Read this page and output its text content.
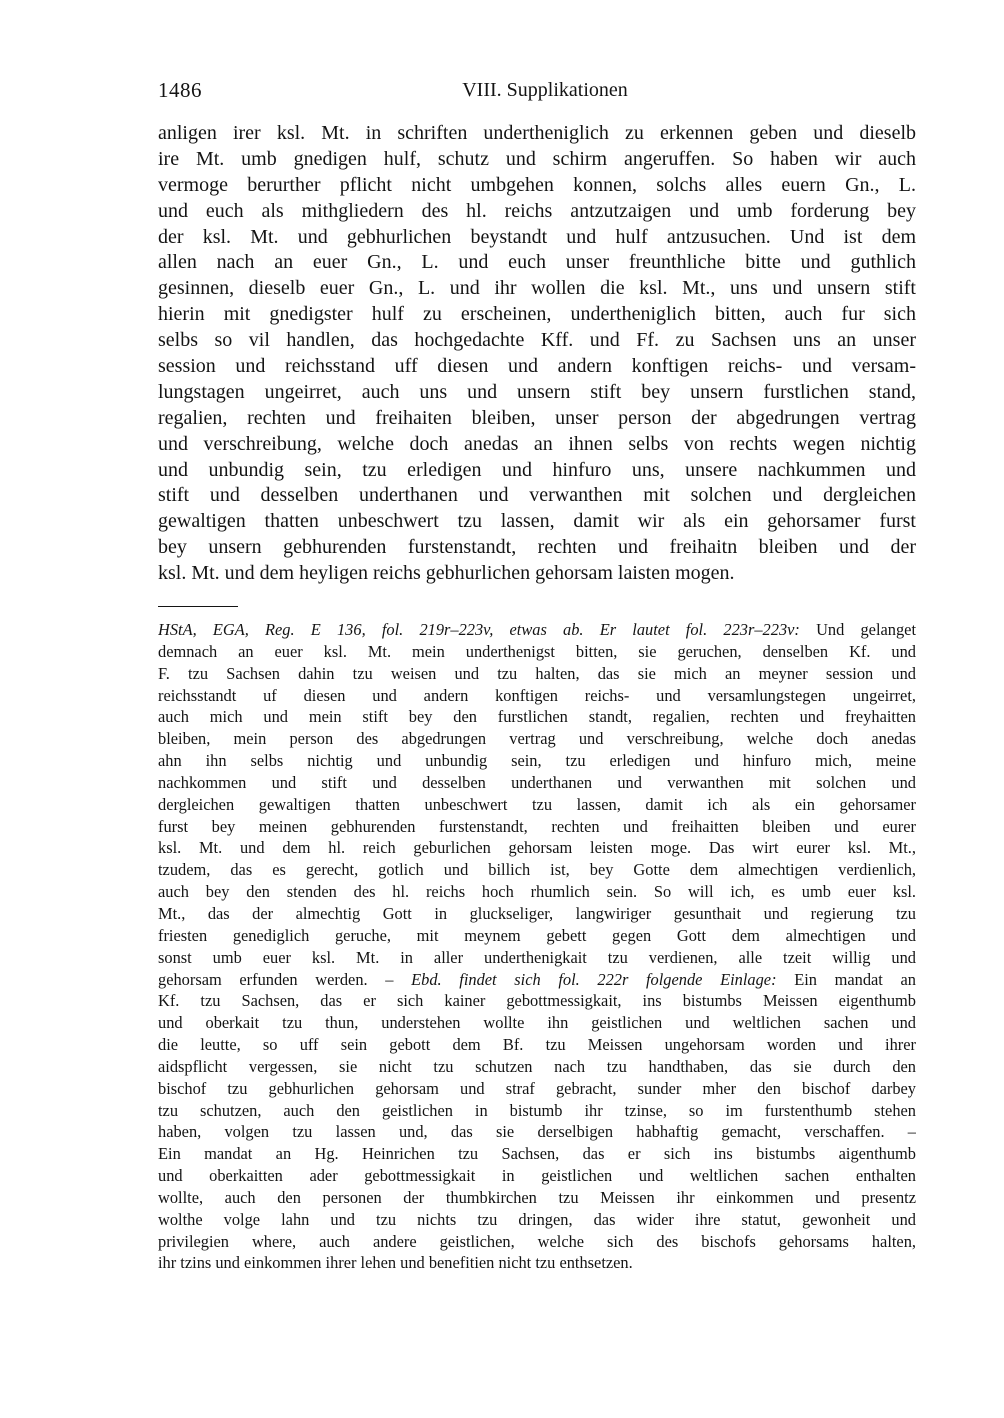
1486	VIII. Supplikationen
anligen irer ksl. Mt. in schriften undertheniglich zu erkennen geben und dieselb
ire Mt. umb gnedigen hulf, schutz und schirm angeruffen. So haben wir auch
vermoge berurther pflicht nicht umbgehen konnen, solchs alles euern Gn., L.
und euch als mithgliedern des hl. reichs antzutzaigen und umb forderung bey
der ksl. Mt. und gebhurlichen beystandt und hulf antzusuchen. Und ist dem
allen nach an euer Gn., L. und euch unser freunthliche bitte und guthlich
gesinnen, dieselb euer Gn., L. und ihr wollen die ksl. Mt., uns und unsern stift
hierin mit gnedigster hulf zu erscheinen, undertheniglich bitten, auch fur sich
selbs so vil handlen, das hochgedachte Kff. und Ff. zu Sachsen uns an unser
session und reichsstand uff diesen und andern konftigen reichs- und versam-
lungstagen ungeirret, auch uns und unsern stift bey unsern furstlichen stand,
regalien, rechten und freihaiten bleiben, unser person der abgedrungen vertrag
und verschreibung, welche doch anedas an ihnen selbs von rechts wegen nichtig
und unbundig sein, tzu erledigen und hinfuro uns, unsere nachkummen und
stift und desselben underthanen und verwanthen mit solchen und dergleichen
gewaltigen thatten unbeschwert tzu lassen, damit wir als ein gehorsamer furst
bey unsern gebhurenden furstenstandt, rechten und freihaitn bleiben und der
ksl. Mt. und dem heyligen reichs gebhurlichen gehorsam laisten mogen.
HStA, EGA, Reg. E 136, fol. 219r–223v, etwas ab. Er lautet fol. 223r–223v: Und gelanget
demnach an euer ksl. Mt. mein underthenigst bitten, sie geruchen, denselben Kf. und
F. tzu Sachsen dahin tzu weisen und tzu halten, das sie mich an meyner session und
reichsstandt uf diesen und andern konftigen reichs- und versamlungstegen ungeirret,
auch mich und mein stift bey den furstlichen standt, regalien, rechten und freyhaitten
bleiben, mein person des abgedrungen vertrag und verschreibung, welche doch anedas
ahn ihn selbs nichtig und unbundig sein, tzu erledigen und hinfuro mich, meine
nachkommen und stift und desselben underthanen und verwanthen mit solchen und
dergleichen gewaltigen thatten unbeschwert tzu lassen, damit ich als ein gehorsamer
furst bey meinen gebhurenden furstenstandt, rechten und freihaitten bleiben und eurer
ksl. Mt. und dem hl. reich geburlichen gehorsam leisten moge. Das wirt eurer ksl. Mt.,
tzudem, das es gerecht, gotlich und billich ist, bey Gotte dem almechtigen verdienlich,
auch bey den stenden des hl. reichs hoch rhumlich sein. So will ich, es umb euer ksl.
Mt., das der almechtig Gott in gluckseliger, langwiriger gesunthait und regierung tzu
friesten genediglich geruche, mit meynem gebett gegen Gott dem almechtigen und
sonst umb euer ksl. Mt. in aller underthenigkait tzu verdienen, alle tzeit willig und
gehorsam erfunden werden. – Ebd. findet sich fol. 222r folgende Einlage: Ein mandat an
Kf. tzu Sachsen, das er sich kainer gebottmessigkait, ins bistumbs Meissen eigenthumb
und oberkait tzu thun, understehen wollte ihn geistlichen und weltlichen sachen und
die leutte, so uff sein gebott dem Bf. tzu Meissen ungehorsam worden und ihrer
aidspflicht vergessen, sie nicht tzu schutzen nach tzu handthaben, das sie durch den
bischof tzu gebhurlichen gehorsam und straf gebracht, sunder mher den bischof darbey
tzu schutzen, auch den geistlichen in bistumb ihr tzinse, so im furstenthumb stehen
haben, volgen tzu lassen und, das sie derselbigen habhaftig gemacht, verschaffen. –
Ein mandat an Hg. Heinrichen tzu Sachsen, das er sich ins bistumbs aigenthumb
und oberkaitten ader gebottmessigkait in geistlichen und weltlichen sachen enthalten
wollte, auch den personen der thumbkirchen tzu Meissen ihr einkommen und presentz
wolthe volge lahn und tzu nichts tzu dringen, das wider ihre statut, gewonheit und
privilegien where, auch andere geistlichen, welche sich des bischofs gehorsams halten,
ihr tzins und einkommen ihrer lehen und benefitien nicht tzu enthsetzen.
